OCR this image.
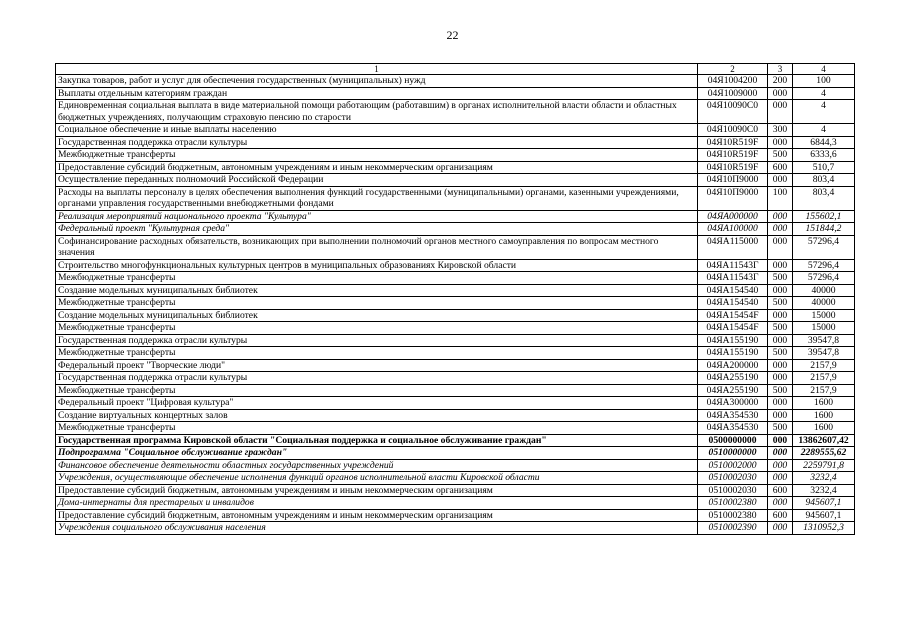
22
1	2	3	4
Закупка товаров, работ и услуг для обеспечения государственных (муниципальных) нужд	04Я1004200	200	100
Выплаты отдельным категориям граждан	04Я1009000	000	4
Единовременная социальная выплата в виде материальной помощи работающим (работавшим) в органах исполнительной власти области и областных бюджетных учреждениях, получающим страховую пенсию по старости	04Я10090С0	000	4
Социальное обеспечение и иные выплаты населению	04Я10090С0	300	4
Государственная поддержка отрасли культуры	04Я10R519F	000	6844,3
Межбюджетные трансферты	04Я10R519F	500	6333,6
Предоставление субсидий бюджетным, автономным учреждениям и иным некоммерческим организациям	04Я10R519F	600	510,7
Осуществление переданных полномочий Российской Федерации	04Я10П9000	000	803,4
Расходы на выплаты персоналу в целях обеспечения выполнения функций государственными (муниципальными) органами, казенными учреждениями, органами управления государственными внебюджетными фондами	04Я10П9000	100	803,4
Реализация мероприятий национального проекта "Культура"	04ЯА000000	000	155602,1
Федеральный проект "Культурная среда"	04ЯА100000	000	151844,2
Софинансирование расходных обязательств, возникающих при выполнении полномочий органов местного самоуправления по вопросам местного значения	04ЯА115000	000	57296,4
Строительство многофункциональных культурных центров в муниципальных образованиях Кировской области	04ЯА11543Г	000	57296,4
Межбюджетные трансферты	04ЯА11543Г	500	57296,4
Создание модельных муниципальных библиотек	04ЯА154540	000	40000
Межбюджетные трансферты	04ЯА154540	500	40000
Создание модельных муниципальных библиотек	04ЯА15454F	000	15000
Межбюджетные трансферты	04ЯА15454F	500	15000
Государственная поддержка отрасли культуры	04ЯА155190	000	39547,8
Межбюджетные трансферты	04ЯА155190	500	39547,8
Федеральный проект "Творческие люди"	04ЯА200000	000	2157,9
Государственная поддержка отрасли культуры	04ЯА255190	000	2157,9
Межбюджетные трансферты	04ЯА255190	500	2157,9
Федеральный проект "Цифровая культура"	04ЯА300000	000	1600
Создание виртуальных концертных залов	04ЯА354530	000	1600
Межбюджетные трансферты	04ЯА354530	500	1600
Государственная программа Кировской области "Социальная поддержка и социальное обслуживание граждан"	0500000000	000	13862607,42
Подпрограмма "Социальное обслуживание граждан"	0510000000	000	2289555,62
Финансовое обеспечение деятельности областных государственных учреждений	0510002000	000	2259791,8
Учреждения, осуществляющие обеспечение исполнения функций органов исполнительной власти Кировской области	0510002030	000	3232,4
Предоставление субсидий бюджетным, автономным учреждениям и иным некоммерческим организациям	0510002030	600	3232,4
Дома-интернаты для престарелых и инвалидов	0510002380	000	945607,1
Предоставление субсидий бюджетным, автономным учреждениям и иным некоммерческим организациям	0510002380	600	945607,1
Учреждения социального обслуживания населения	0510002390	000	1310952,3
